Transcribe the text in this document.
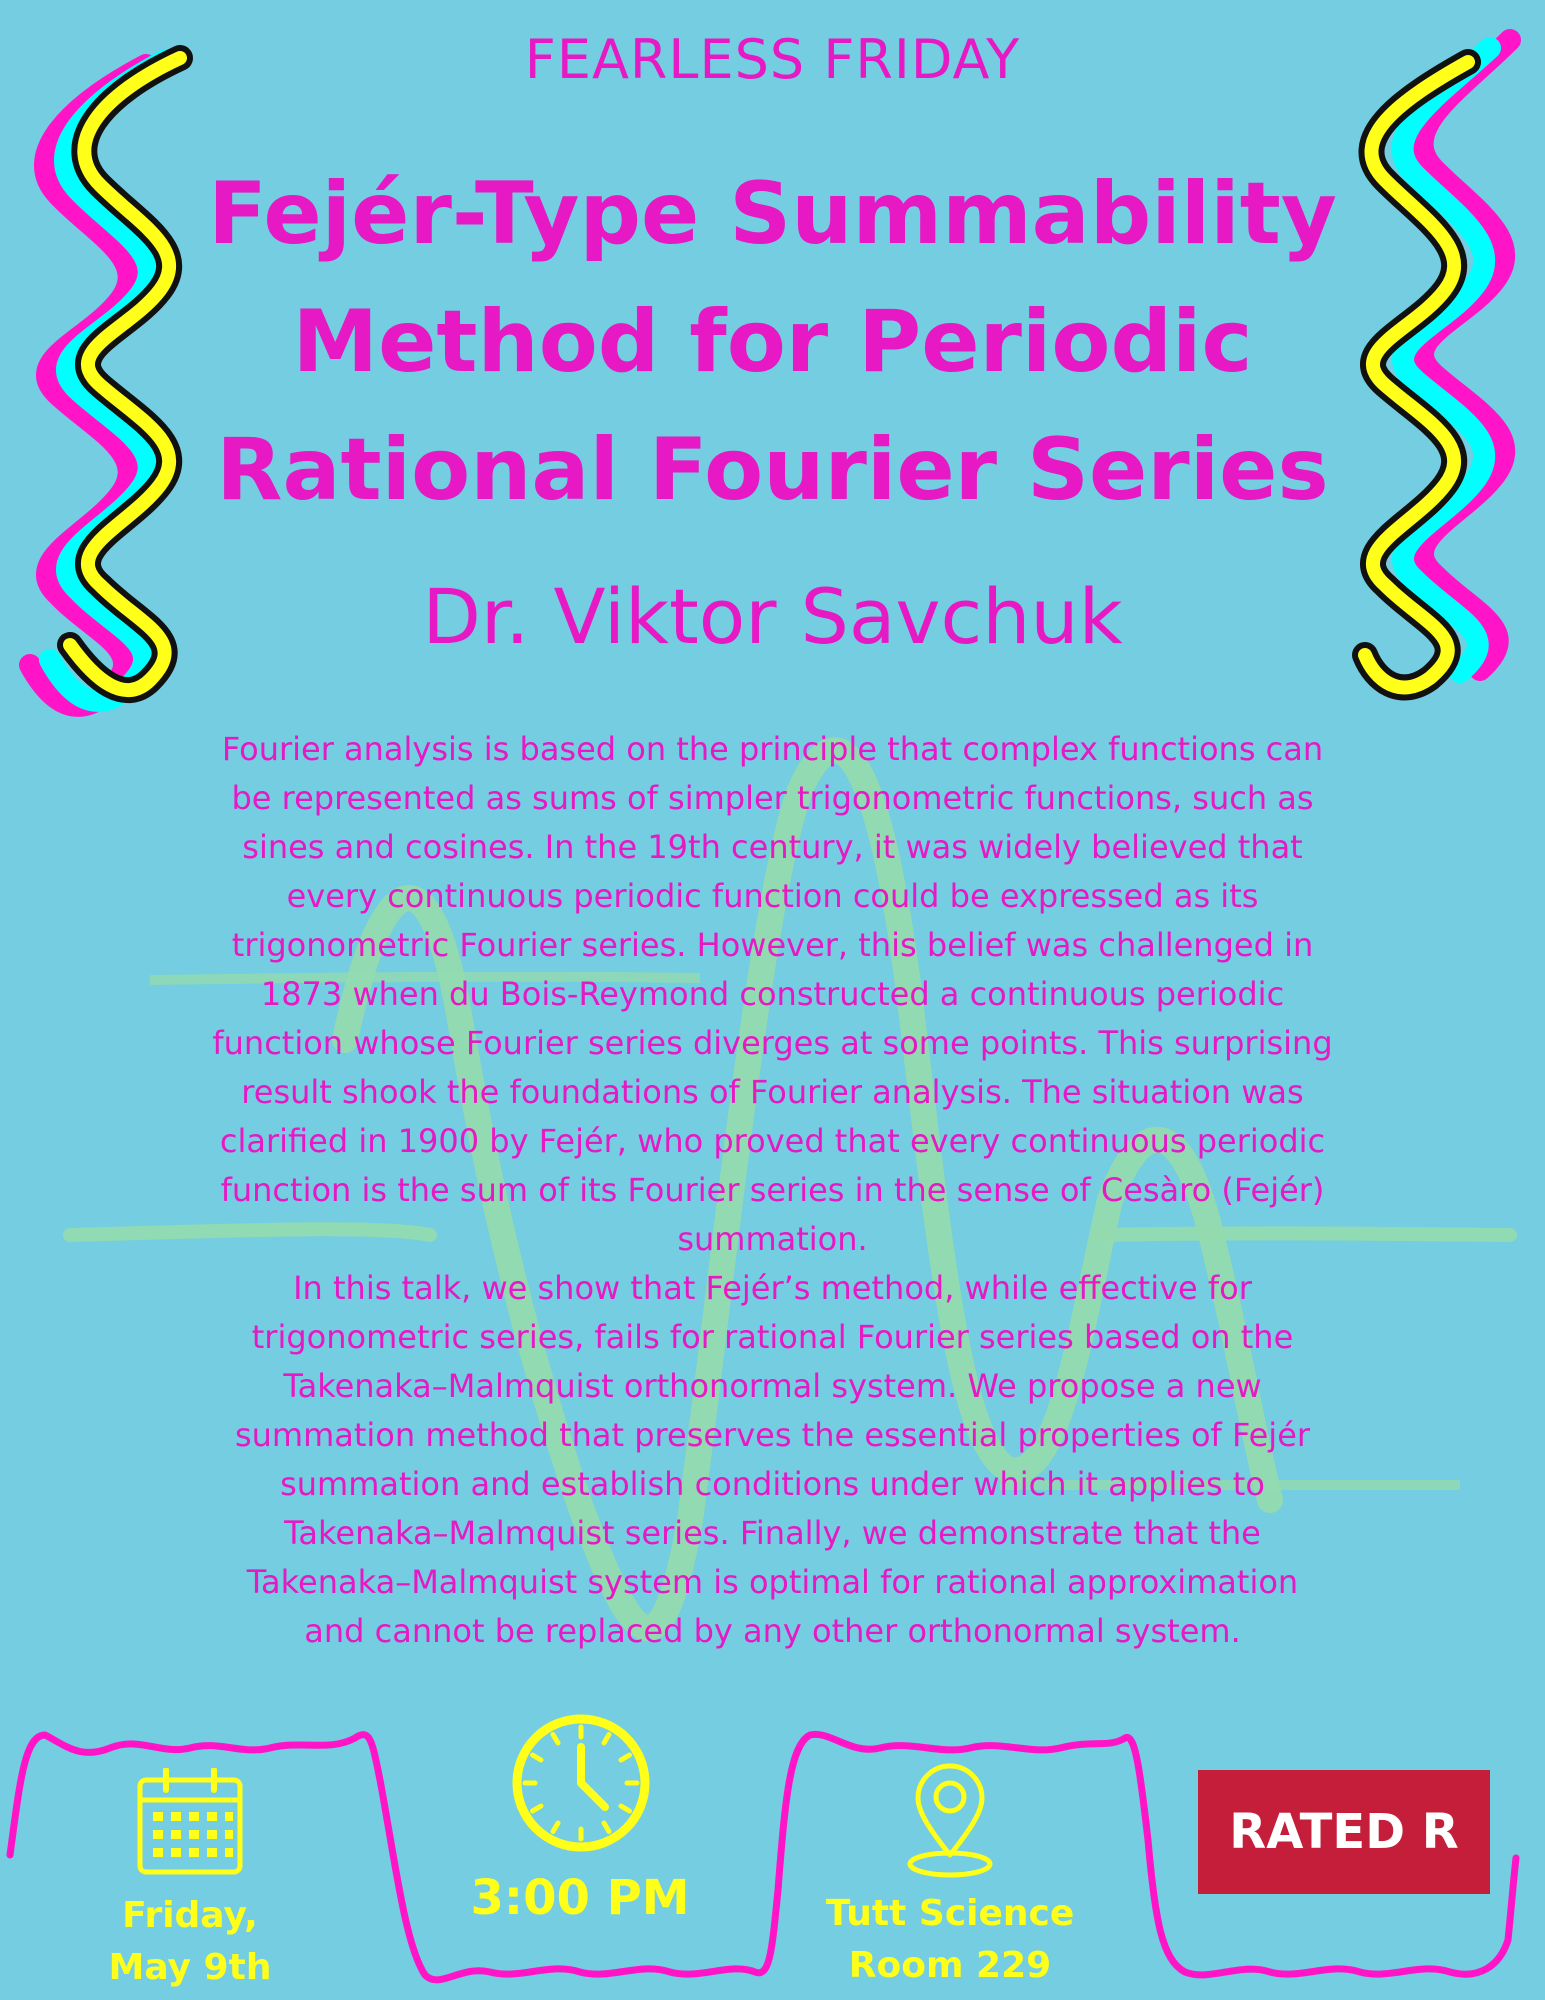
FEARLESS FRIDAY
Fejér-Type Summability
Method for Periodic
Rational Fourier Series
Dr. Viktor Savchuk

Fourier analysis is based on the principle that complex functions can
be represented as sums of simpler trigonometric functions, such as
sines and cosines. In the 19th century, it was widely believed that
every continuous periodic function could be expressed as its
trigonometric Fourier series. However, this belief was challenged in
1873 when du Bois-Reymond constructed a continuous periodic
function whose Fourier series diverges at some points. This surprising
result shook the foundations of Fourier analysis. The situation was
clarified in 1900 by Fejér, who proved that every continuous periodic
function is the sum of its Fourier series in the sense of Cesàro (Fejér)
summation.

In this talk, we show that Fejér’s method, while effective for
trigonometric series, fails for rational Fourier series based on the
Takenaka–Malmquist orthonormal system. We propose a new
summation method that preserves the essential properties of Fejér
summation and establish conditions under which it applies to
Takenaka–Malmquist series. Finally, we demonstrate that the
Takenaka–Malmquist system is optimal for rational approximation
and cannot be replaced by any other orthonormal system.

Friday,
May 9th
3:00 PM	Tutt Science
Room 229
RATED R
